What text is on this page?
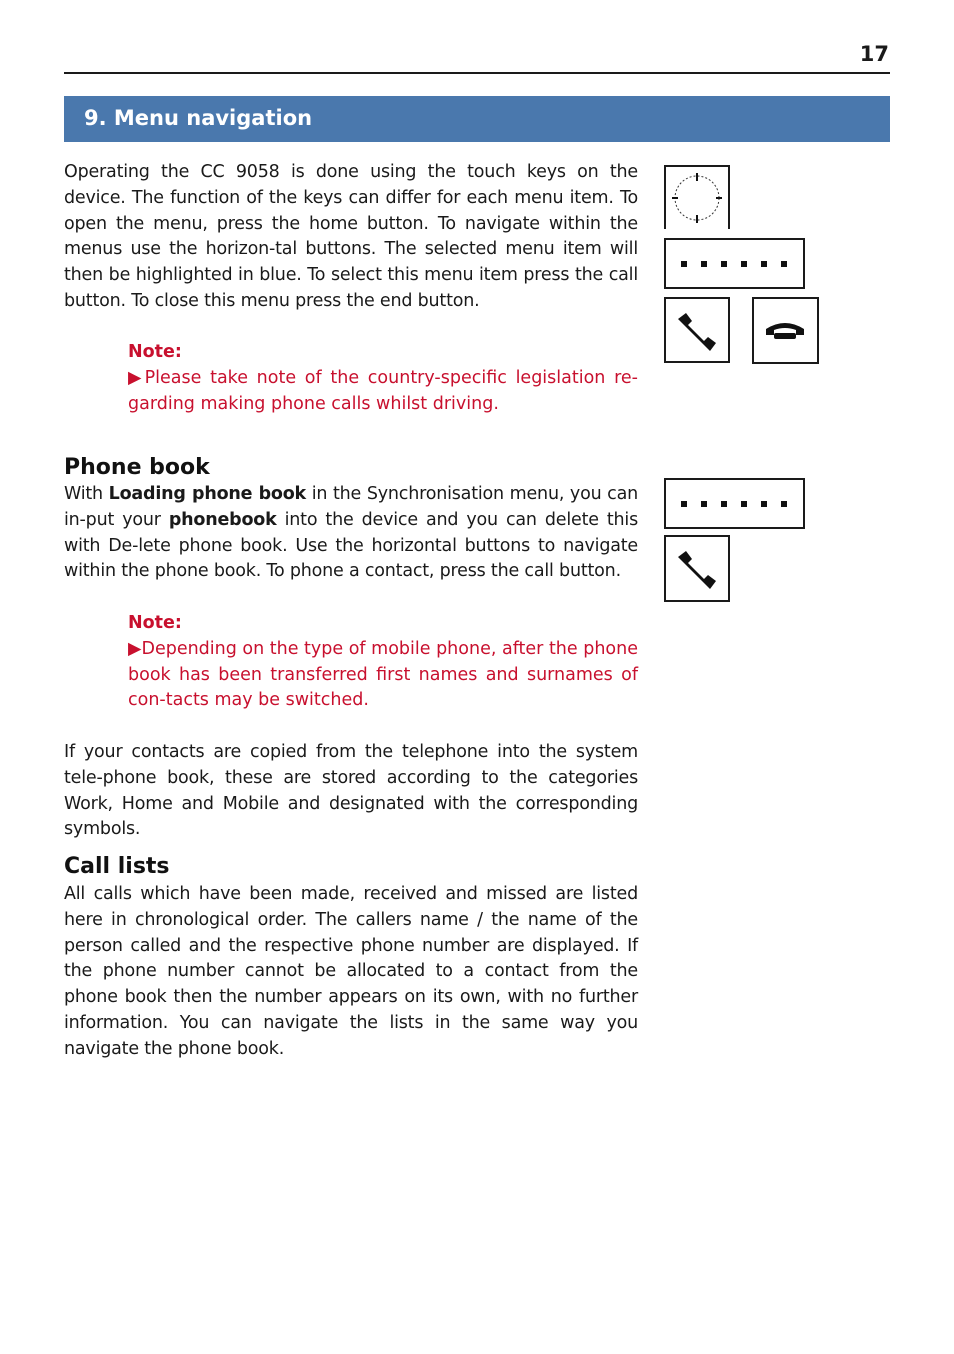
17
9. Menu navigation
Operating the CC 9058 is done using the touch keys on the device. The function of the keys can differ for each menu item. To open the menu, press the home button. To navigate within the menus use the horizon-tal buttons. The selected menu item will then be highlighted in blue. To select this menu item press the call button. To close this menu press the end button.
Note:
▶Please take note of the country-specific legislation re-garding making phone calls whilst driving.
Phone book
With Loading phone book in the Synchronisation menu, you can in-put your phonebook into the device and you can delete this with De-lete phone book. Use the horizontal buttons to navigate within the phone book. To phone a contact, press the call button.
Note:
▶Depending on the type of mobile phone, after the phone book has been transferred first names and surnames of con-tacts may be switched.
If your contacts are copied from the telephone into the system tele-phone book, these are stored according to the categories Work, Home and Mobile and designated with the corresponding symbols.
Call lists
All calls which have been made, received and missed are listed here in chronological order. The callers name / the name of the person called and the respective phone number are displayed. If the phone number cannot be allocated to a contact from the phone book then the number appears on its own, with no further information. You can navigate the lists in the same way you navigate the phone book.
